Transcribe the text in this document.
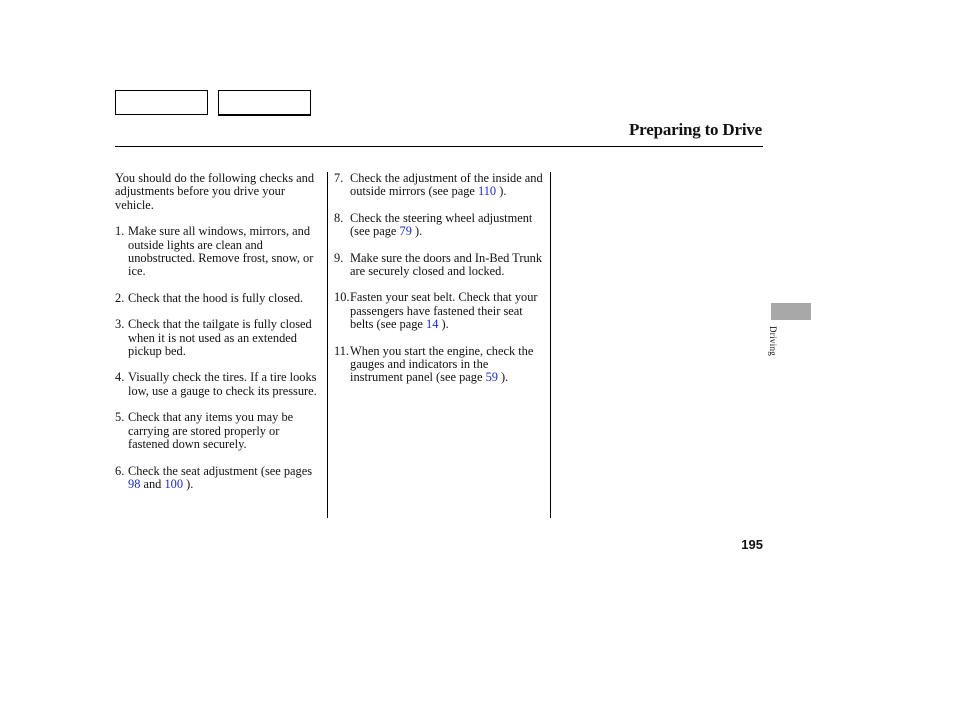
Preparing to Drive

You should do the following checks and adjustments before you drive your vehicle.

1. Make sure all windows, mirrors, and outside lights are clean and unobstructed. Remove frost, snow, or ice.
2. Check that the hood is fully closed.
3. Check that the tailgate is fully closed when it is not used as an extended pickup bed.
4. Visually check the tires. If a tire looks low, use a gauge to check its pressure.
5. Check that any items you may be carrying are stored properly or fastened down securely.
6. Check the seat adjustment (see pages 98 and 100 ).
7. Check the adjustment of the inside and outside mirrors (see page 110 ).
8. Check the steering wheel adjustment (see page 79 ).
9. Make sure the doors and In-Bed Trunk are securely closed and locked.
10. Fasten your seat belt. Check that your passengers have fastened their seat belts (see page 14 ).
11. When you start the engine, check the gauges and indicators in the instrument panel (see page 59 ).
Driving
195
